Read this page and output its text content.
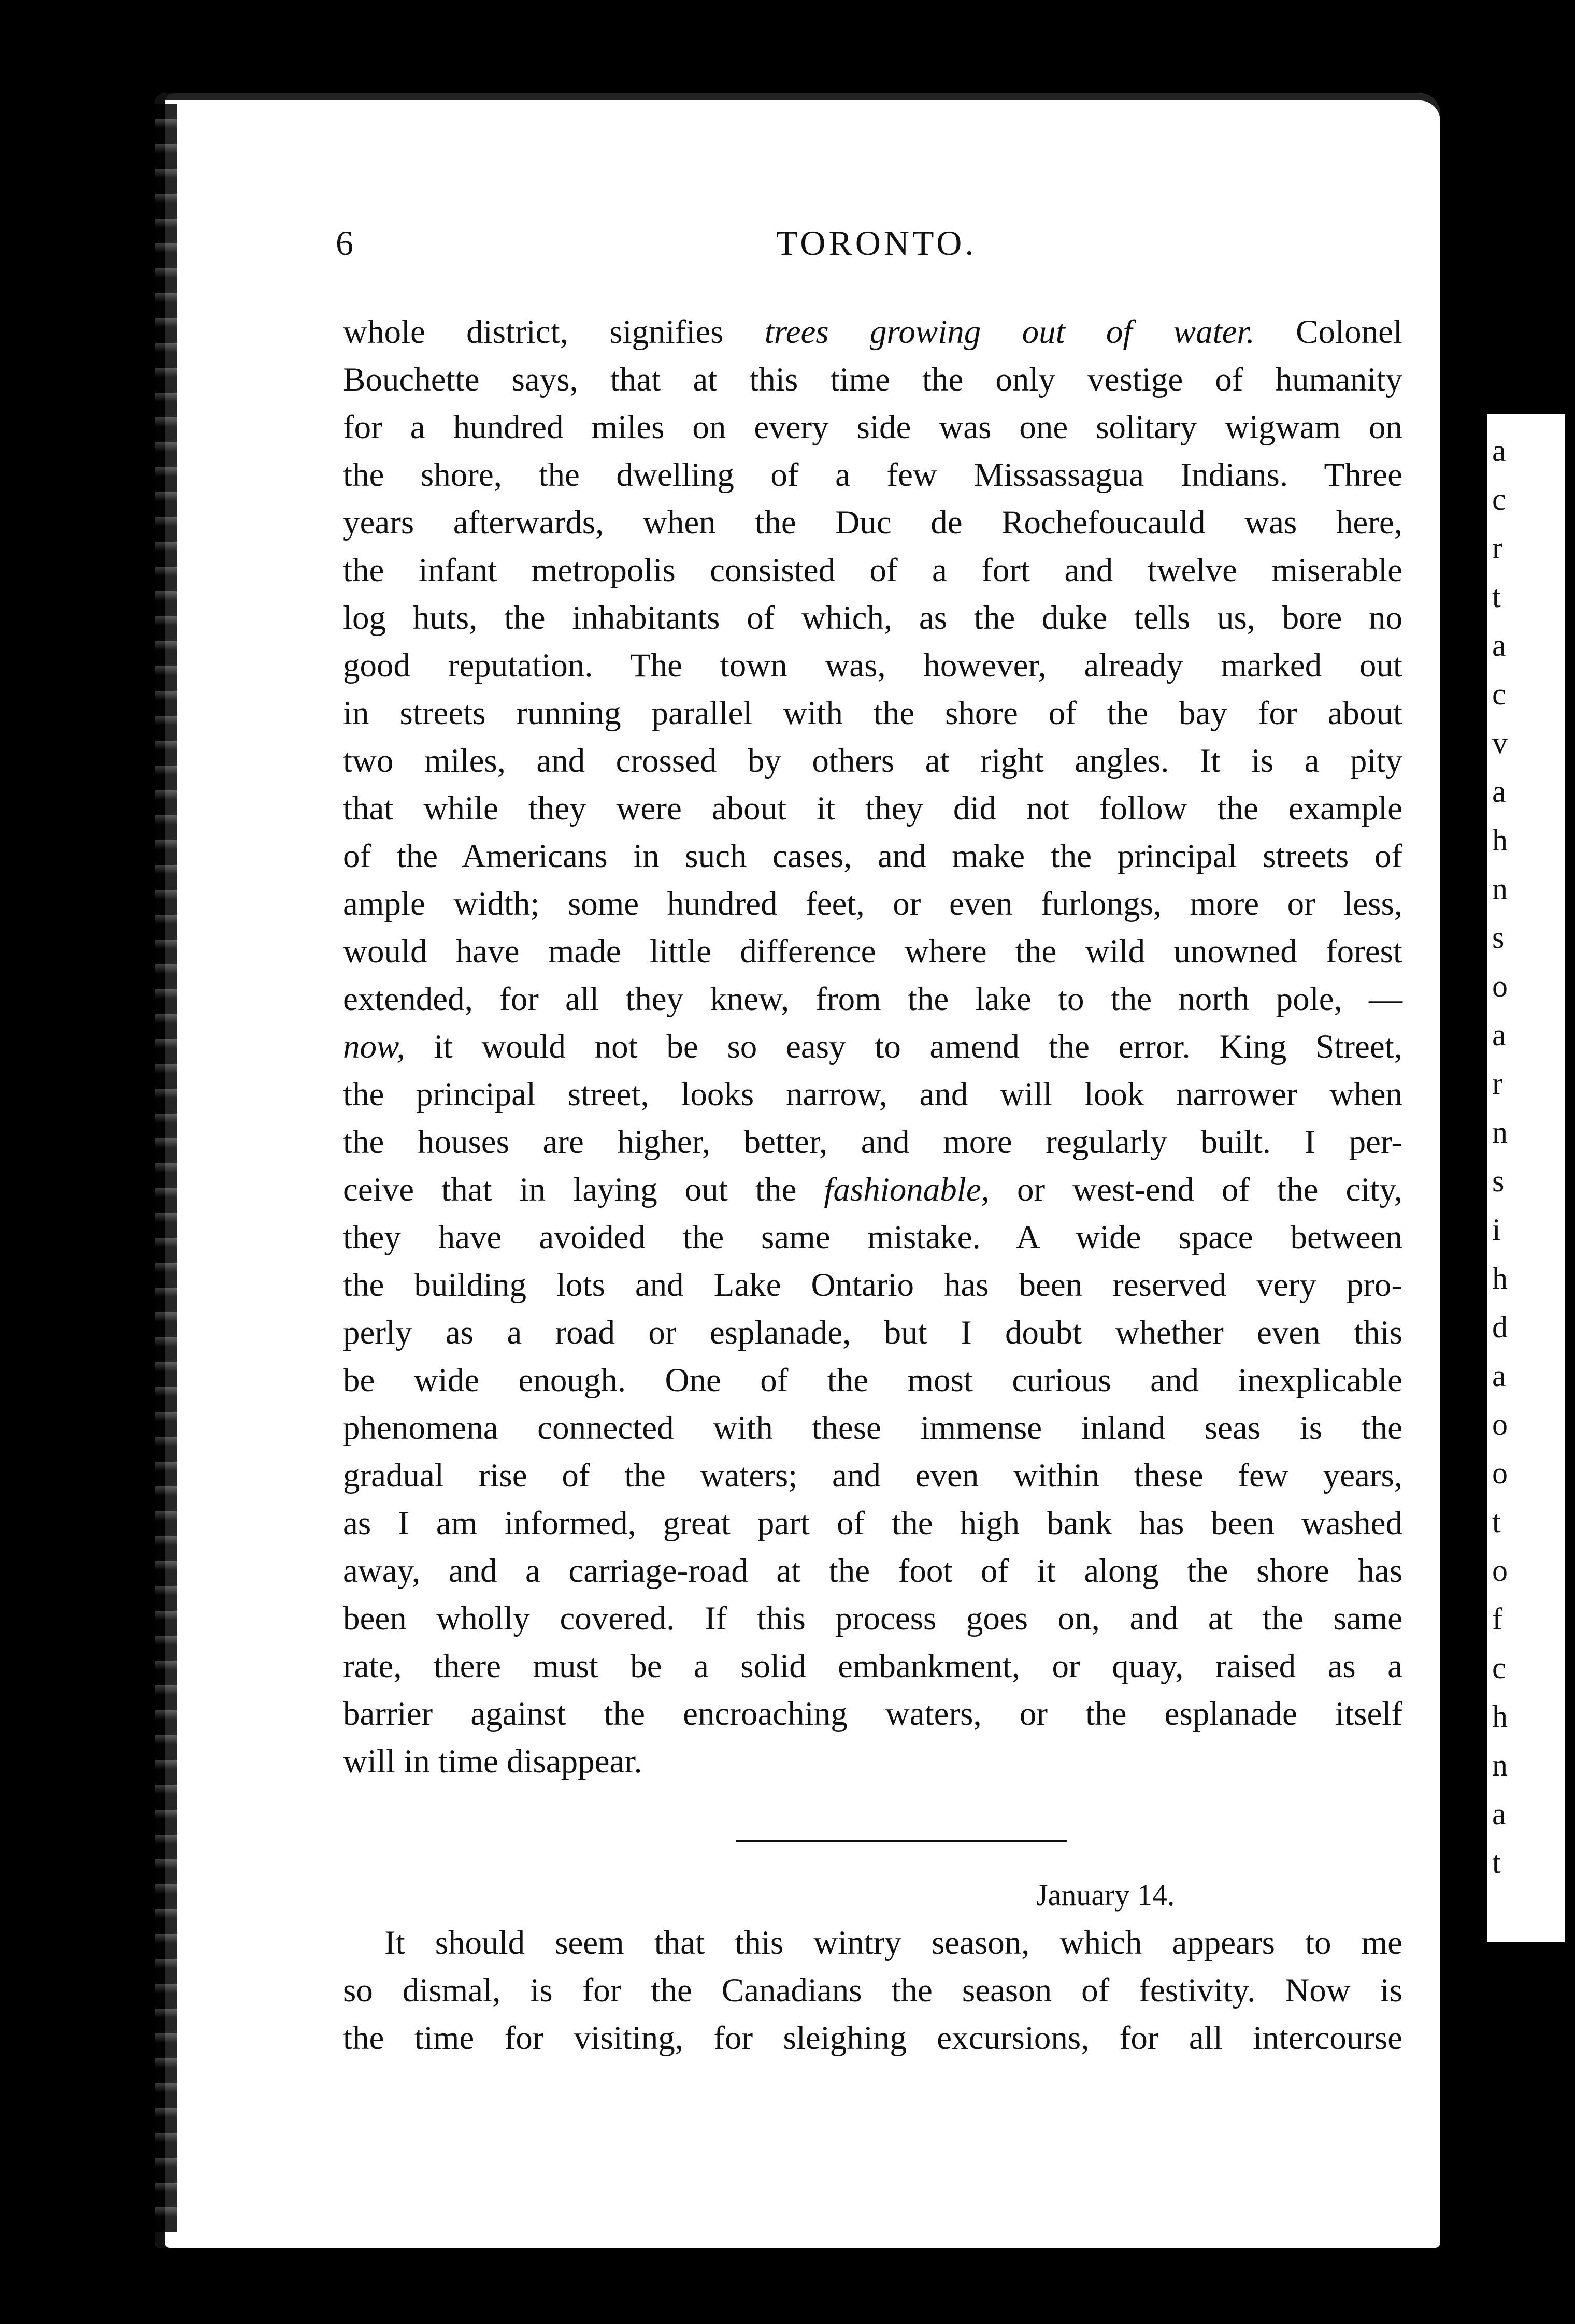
6	TORONTO.
whole district, signifies trees growing out of water. Colonel
Bouchette says, that at this time the only vestige of humanity
for a hundred miles on every side was one solitary wigwam on
the shore, the dwelling of a few Missassagua Indians. Three
years afterwards, when the Duc de Rochefoucauld was here,
the infant metropolis consisted of a fort and twelve miserable
log huts, the inhabitants of which, as the duke tells us, bore no
good reputation. The town was, however, already marked out
in streets running parallel with the shore of the bay for about
two miles, and crossed by others at right angles. It is a pity
that while they were about it they did not follow the example
of the Americans in such cases, and make the principal streets of
ample width; some hundred feet, or even furlongs, more or less,
would have made little difference where the wild unowned forest
extended, for all they knew, from the lake to the north pole, —
now, it would not be so easy to amend the error. King Street,
the principal street, looks narrow, and will look narrower when
the houses are higher, better, and more regularly built. I per-
ceive that in laying out the fashionable, or west-end of the city,
they have avoided the same mistake. A wide space between
the building lots and Lake Ontario has been reserved very pro-
perly as a road or esplanade, but I doubt whether even this
be wide enough. One of the most curious and inexplicable
phenomena connected with these immense inland seas is the
gradual rise of the waters; and even within these few years,
as I am informed, great part of the high bank has been washed
away, and a carriage-road at the foot of it along the shore has
been wholly covered. If this process goes on, and at the same
rate, there must be a solid embankment, or quay, raised as a
barrier against the encroaching waters, or the esplanade itself
will in time disappear.
January 14.
It should seem that this wintry season, which appears to me
so dismal, is for the Canadians the season of festivity. Now is
the time for visiting, for sleighing excursions, for all intercourse
a
c
r
t
a
c
v
a
h
n
s
o
a
r
n
s
i
h
d
a
o
o
t
o
f
c
h
n
a
t
